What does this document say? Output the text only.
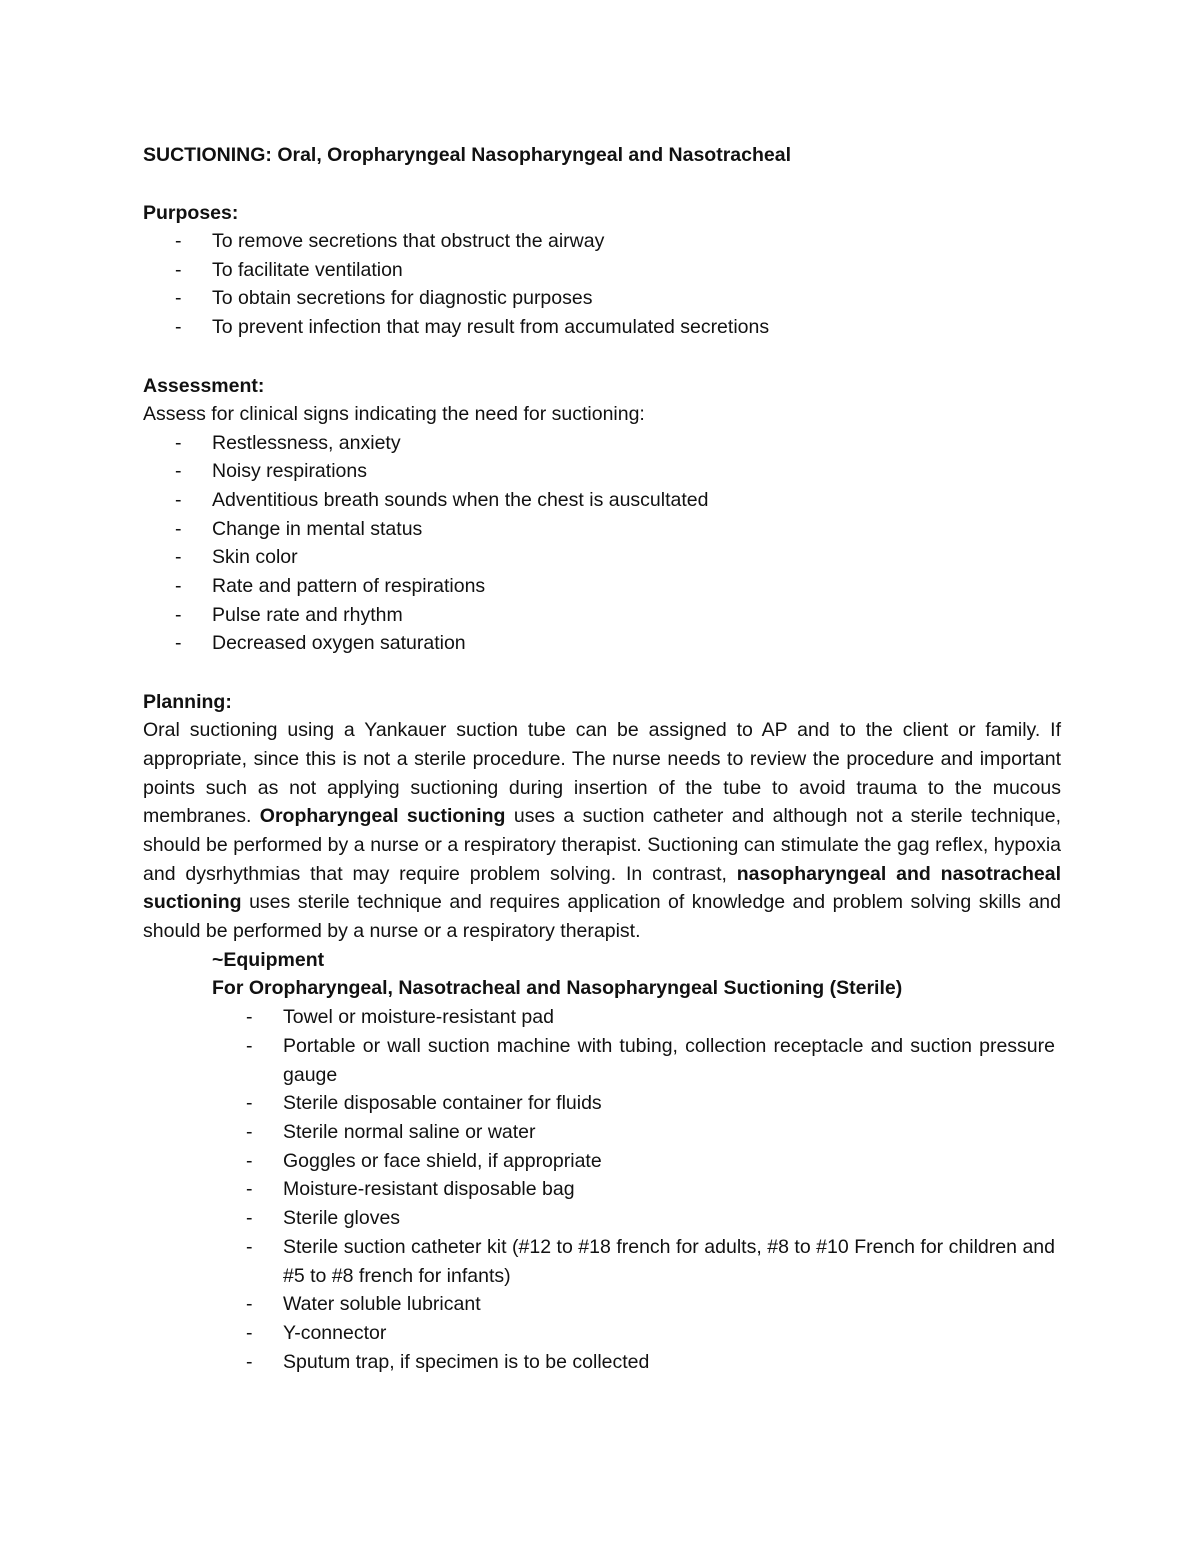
SUCTIONING: Oral, Oropharyngeal Nasopharyngeal and Nasotracheal

Purposes:

- To remove secretions that obstruct the airway
- To facilitate ventilation
- To obtain secretions for diagnostic purposes
- To prevent infection that may result from accumulated secretions

Assessment:

Assess for clinical signs indicating the need for suctioning:

- Restlessness, anxiety
- Noisy respirations
- Adventitious breath sounds when the chest is auscultated
- Change in mental status
- Skin color
- Rate and pattern of respirations
- Pulse rate and rhythm
- Decreased oxygen saturation

Planning:

Oral suctioning using a Yankauer suction tube can be assigned to AP and to the client or family. If appropriate, since this is not a sterile procedure. The nurse needs to review the procedure and important points such as not applying suctioning during insertion of the tube to avoid trauma to the mucous membranes. Oropharyngeal suctioning uses a suction catheter and although not a sterile technique, should be performed by a nurse or a respiratory therapist. Suctioning can stimulate the gag reflex, hypoxia and dysrhythmias that may require problem solving. In contrast, nasopharyngeal and nasotracheal suctioning uses sterile technique and requires application of knowledge and problem solving skills and should be performed by a nurse or a respiratory therapist.

~Equipment

For Oropharyngeal, Nasotracheal and Nasopharyngeal Suctioning (Sterile)

- Towel or moisture-resistant pad
- Portable or wall suction machine with tubing, collection receptacle and suction pressure gauge
- Sterile disposable container for fluids
- Sterile normal saline or water
- Goggles or face shield, if appropriate
- Moisture-resistant disposable bag
- Sterile gloves
- Sterile suction catheter kit (#12 to #18 french for adults, #8 to #10 French for children and #5 to #8 french for infants)
- Water soluble lubricant
- Y-connector
- Sputum trap, if specimen is to be collected
